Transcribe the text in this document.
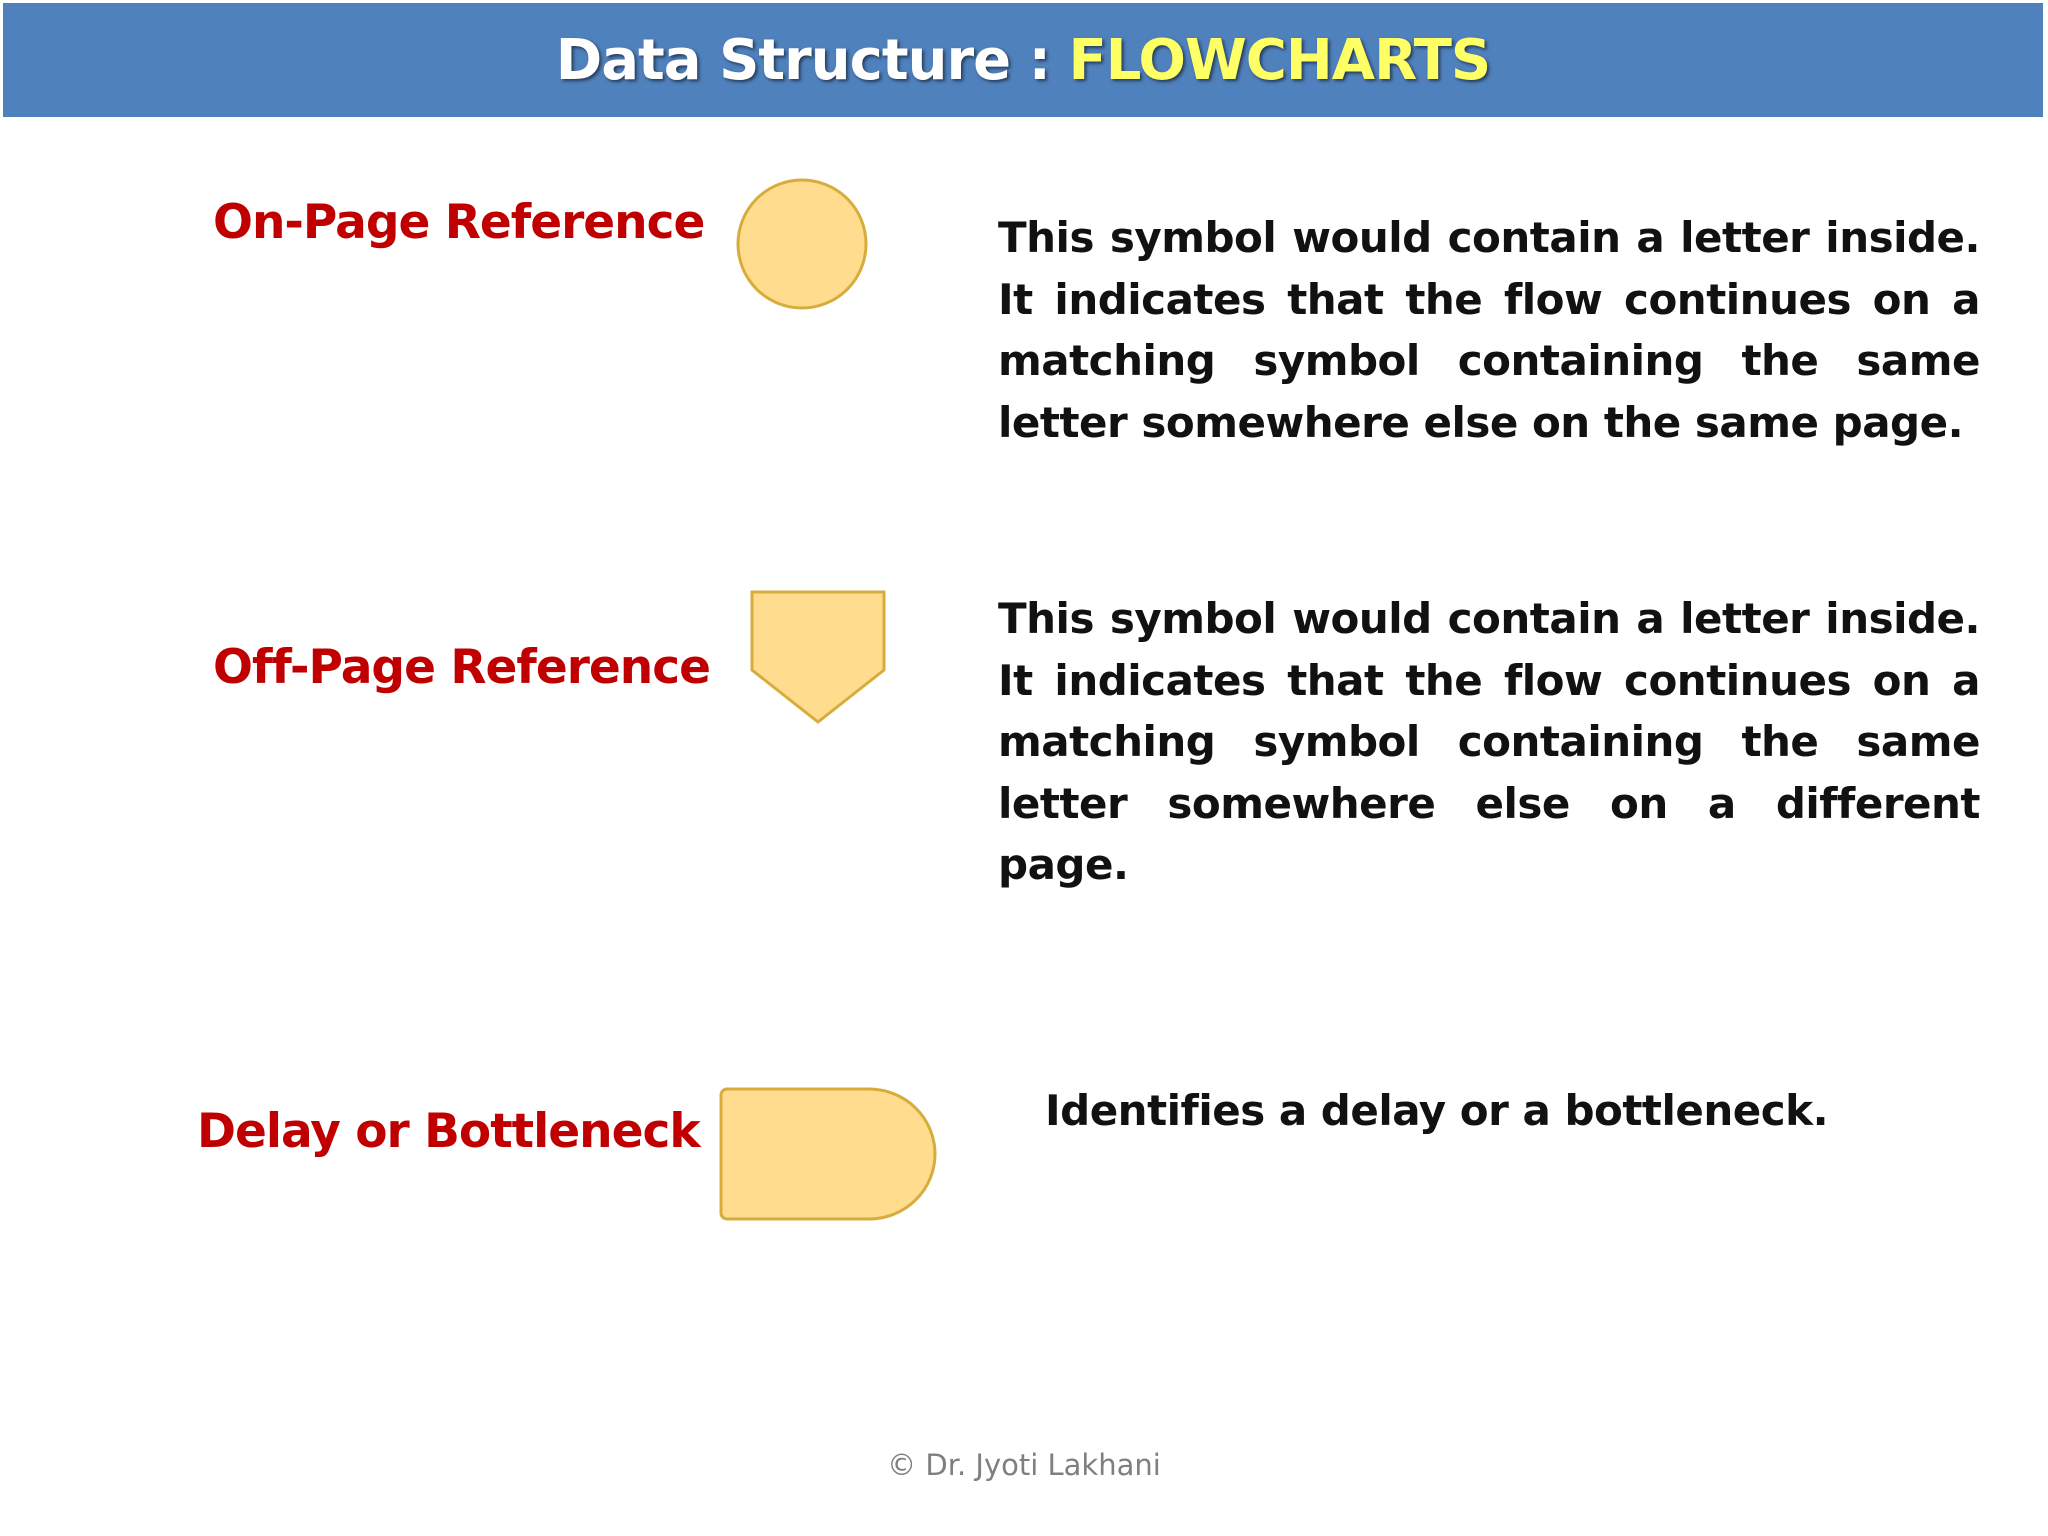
Data Structure : FLOWCHARTS
On-Page Reference	This symbol would contain a letter inside. It indicates that the flow continues on a matching symbol containing the same letter somewhere else on the same page.
Off-Page Reference
This symbol would contain a letter inside. It indicates that the flow continues on a matching symbol containing the same letter somewhere else on a different page.
Delay or Bottleneck	Identifies a delay or a bottleneck.
© Dr. Jyoti Lakhani
